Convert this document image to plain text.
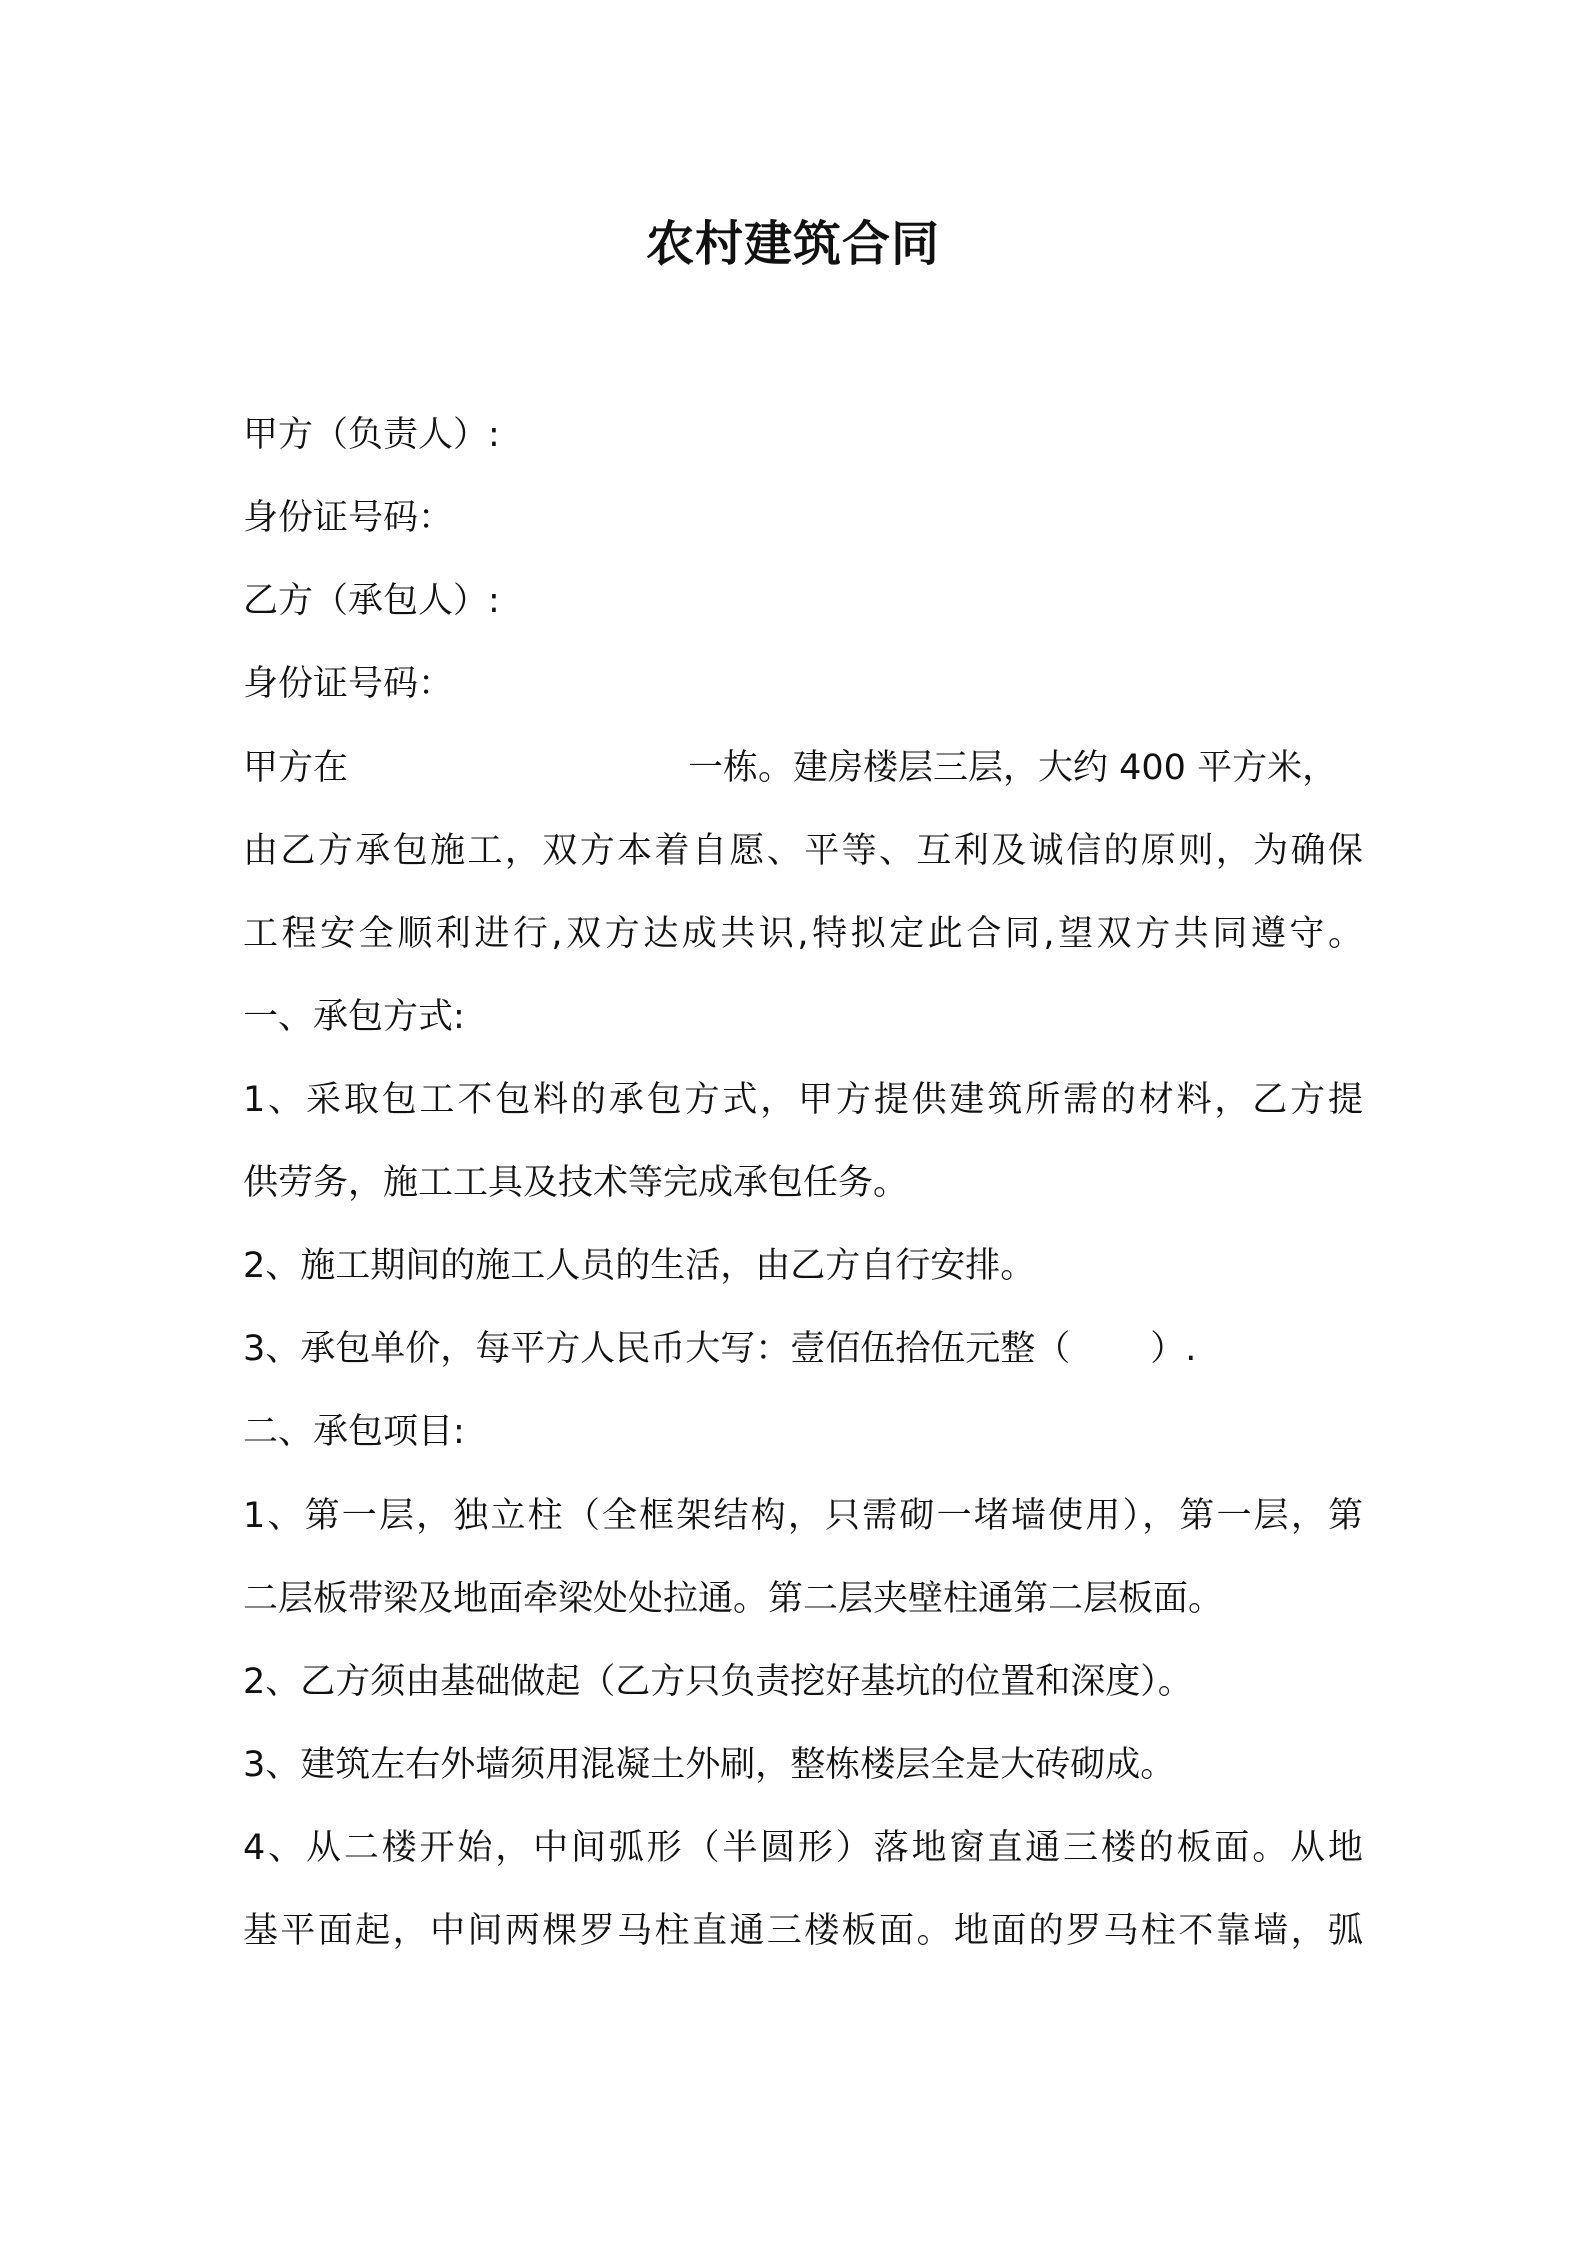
农村建筑合同
甲方（负责人）:
身份证号码：
乙方（承包人）:
身份证号码：
甲方在	一栋。建房楼层三层，大约 400 平方米，
由乙方承包施工，双方本着自愿、平等、互利及诚信的原则，为确保
工程安全顺利进行,双方达成共识,特拟定此合同,望双方共同遵守。
一、承包方式:
1、采取包工不包料的承包方式，甲方提供建筑所需的材料，乙方提
供劳务，施工工具及技术等完成承包任务。
2、施工期间的施工人员的生活，由乙方自行安排。
3、承包单价，每平方人民币大写：壹佰伍拾伍元整（ ）.
二、承包项目:
1、第一层，独立柱（全框架结构，只需砌一堵墙使用），第一层，第
二层板带梁及地面牵梁处处拉通。第二层夹壁柱通第二层板面。
2、乙方须由基础做起（乙方只负责挖好基坑的位置和深度）。
3、建筑左右外墙须用混凝土外刷，整栋楼层全是大砖砌成。
4、从二楼开始，中间弧形（半圆形）落地窗直通三楼的板面。从地
基平面起，中间两棵罗马柱直通三楼板面。地面的罗马柱不靠墙，弧
